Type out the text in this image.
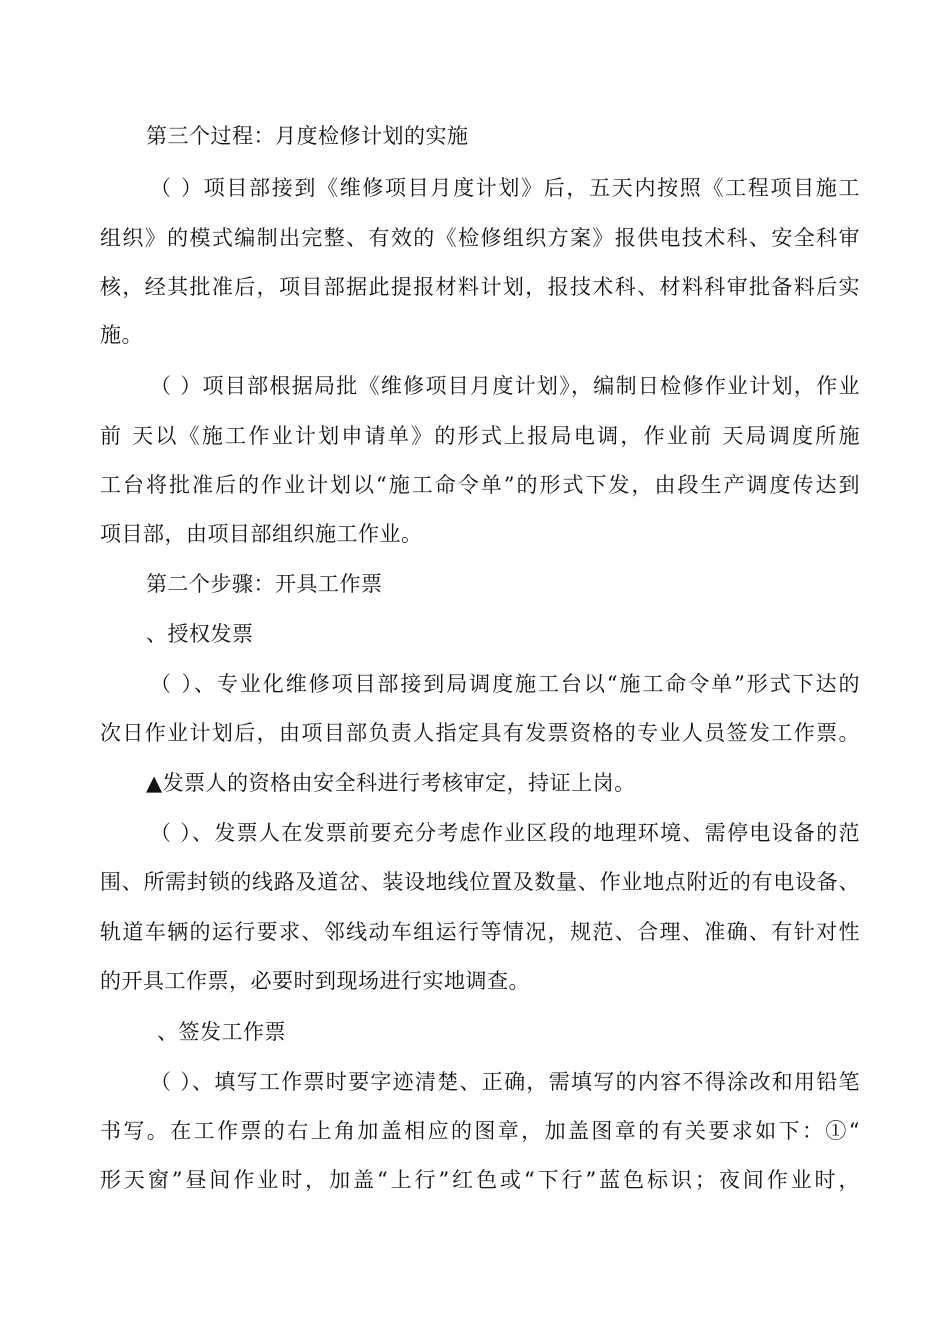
第三个过程：月度检修计划的实施
（ ）项目部接到《维修项目月度计划》后，五天内按照《工程项目施工
组织》的模式编制出完整、有效的《检修组织方案》报供电技术科、安全科审
核，经其批准后，项目部据此提报材料计划，报技术科、材料科审批备料后实
施。
（ ）项目部根据局批《维修项目月度计划》，编制日检修作业计划，作业
前 天以《施工作业计划申请单》的形式上报局电调，作业前 天局调度所施
工台将批准后的作业计划以“施工命令单”的形式下发，由段生产调度传达到
项目部，由项目部组织施工作业。
第二个步骤：开具工作票
、授权发票
（ ）、专业化维修项目部接到局调度施工台以“施工命令单”形式下达的
次日作业计划后，由项目部负责人指定具有发票资格的专业人员签发工作票。
▲发票人的资格由安全科进行考核审定，持证上岗。
（ ）、发票人在发票前要充分考虑作业区段的地理环境、需停电设备的范
围、所需封锁的线路及道岔、装设地线位置及数量、作业地点附近的有电设备、
轨道车辆的运行要求、邻线动车组运行等情况，规范、合理、准确、有针对性
的开具工作票，必要时到现场进行实地调查。
、签发工作票
（ ）、填写工作票时要字迹清楚、正确，需填写的内容不得涂改和用铅笔
书写。在工作票的右上角加盖相应的图章，加盖图章的有关要求如下：①“
形天窗”昼间作业时，加盖“上行”红色或“下行”蓝色标识；夜间作业时，
